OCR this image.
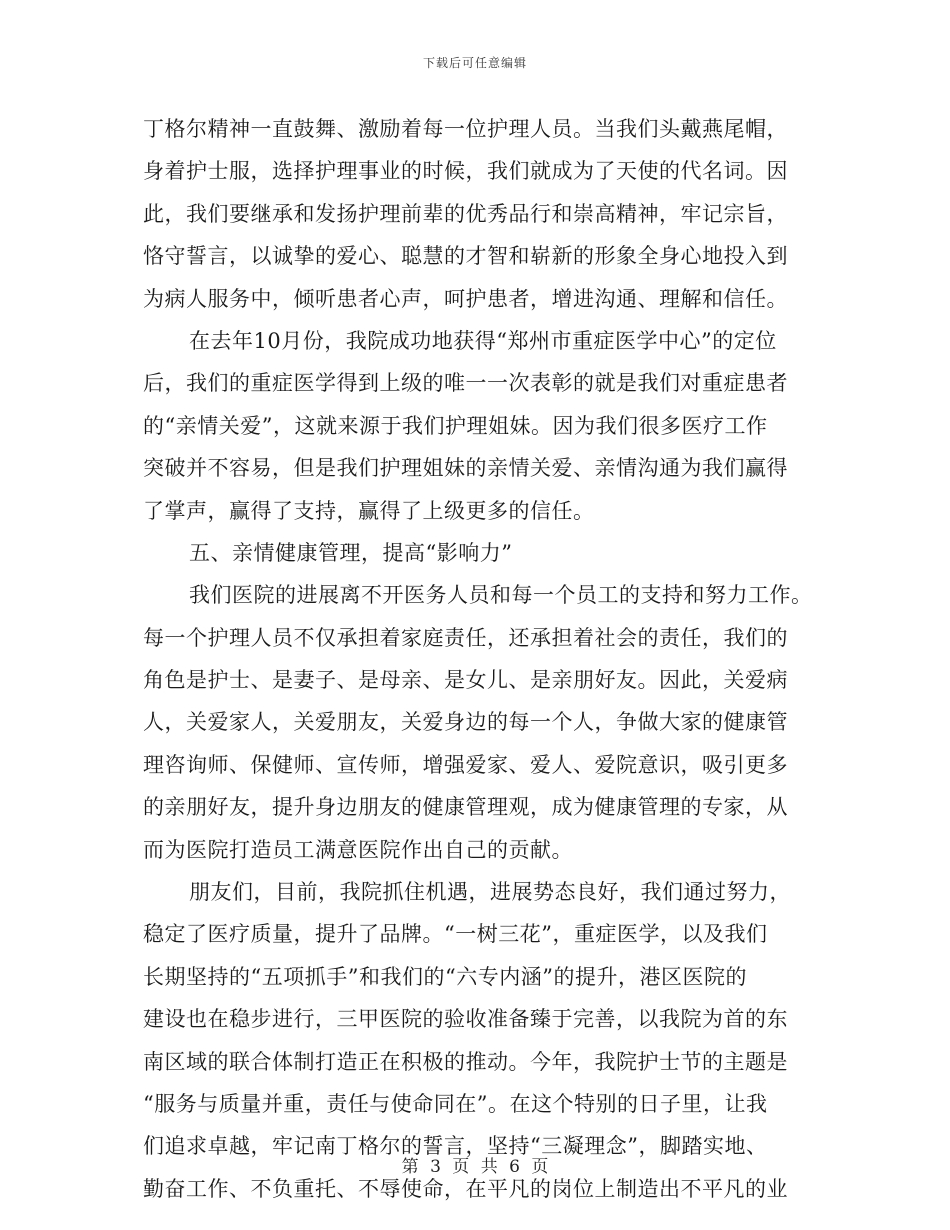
下载后可任意编辑
丁格尔精神一直鼓舞、激励着每一位护理人员。当我们头戴燕尾帽，
身着护士服，选择护理事业的时候，我们就成为了天使的代名词。因
此，我们要继承和发扬护理前辈的优秀品行和崇高精神，牢记宗旨，
恪守誓言，以诚挚的爱心、聪慧的才智和崭新的形象全身心地投入到
为病人服务中，倾听患者心声，呵护患者，增进沟通、理解和信任。
在去年10月份，我院成功地获得“郑州市重症医学中心”的定位
后，我们的重症医学得到上级的唯一一次表彰的就是我们对重症患者
的“亲情关爱”，这就来源于我们护理姐妹。因为我们很多医疗工作
突破并不容易，但是我们护理姐妹的亲情关爱、亲情沟通为我们赢得
了掌声，赢得了支持，赢得了上级更多的信任。
五、亲情健康管理，提高“影响力”
我们医院的进展离不开医务人员和每一个员工的支持和努力工作。
每一个护理人员不仅承担着家庭责任，还承担着社会的责任，我们的
角色是护士、是妻子、是母亲、是女儿、是亲朋好友。因此，关爱病
人，关爱家人，关爱朋友，关爱身边的每一个人，争做大家的健康管
理咨询师、保健师、宣传师，增强爱家、爱人、爱院意识，吸引更多
的亲朋好友，提升身边朋友的健康管理观，成为健康管理的专家，从
而为医院打造员工满意医院作出自己的贡献。
朋友们，目前，我院抓住机遇，进展势态良好，我们通过努力，
稳定了医疗质量，提升了品牌。“一树三花”，重症医学，以及我们
长期坚持的“五项抓手”和我们的“六专内涵”的提升，港区医院的
建设也在稳步进行，三甲医院的验收准备臻于完善，以我院为首的东
南区域的联合体制打造正在积极的推动。今年，我院护士节的主题是
“服务与质量并重，责任与使命同在”。在这个特别的日子里，让我
们追求卓越，牢记南丁格尔的誓言，坚持“三凝理念”，脚踏实地、
勤奋工作、不负重托、不辱使命，在平凡的岗位上制造出不平凡的业
第 3 页 共 6 页
